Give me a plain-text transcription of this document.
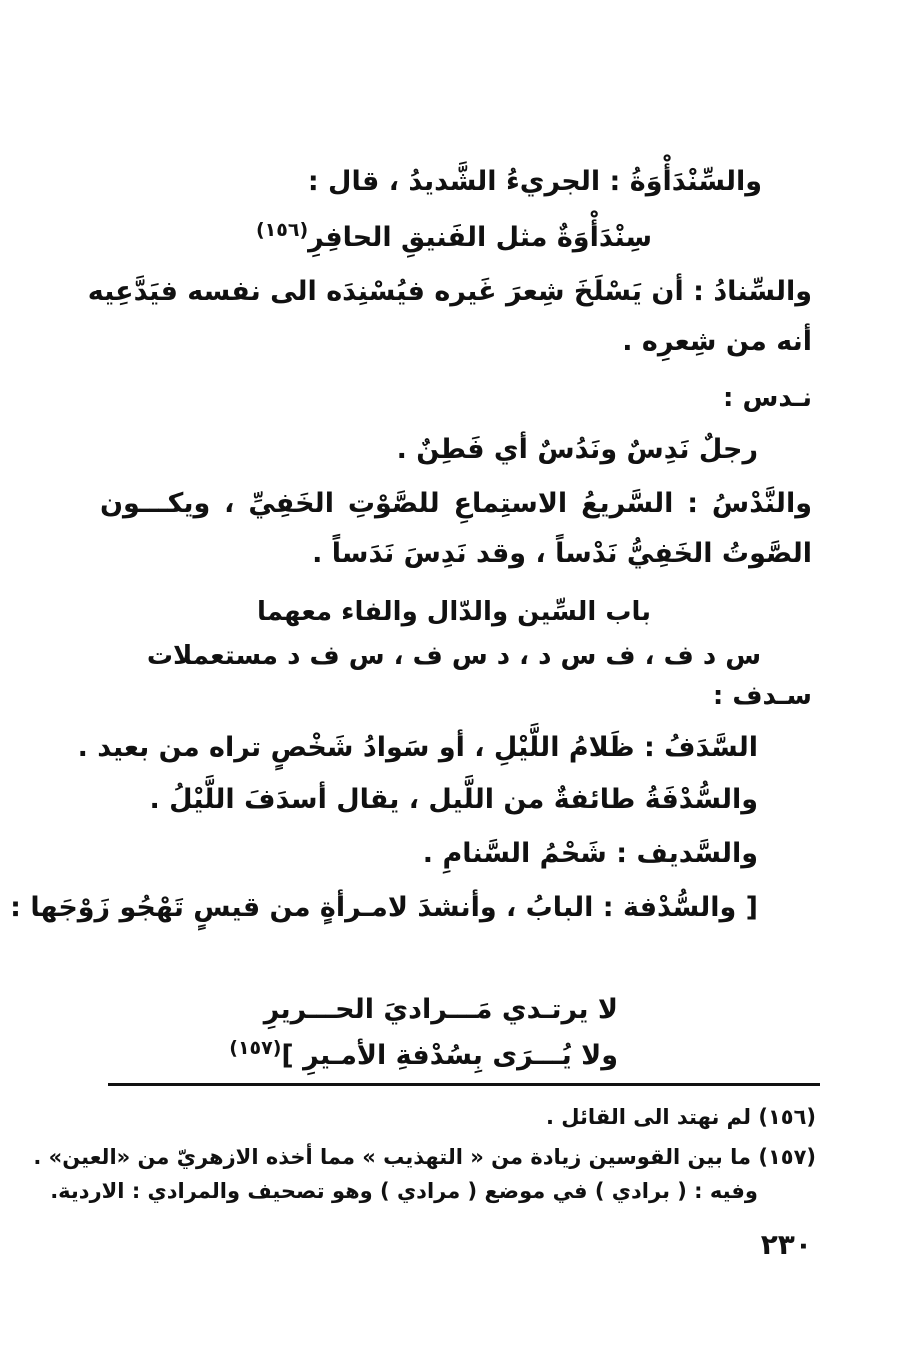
والسِّنْدَأْوَةُ : الجريءُ الشَّديدُ ، قال :
سِنْدَأْوَةٌ مثل الفَنيقِ الحافِرِ$^{(١٥٦)}$
والسِّنادُ : أن يَسْلَخَ شِعرَ غَيره فيُسْنِدَه الى نفسه فيَدَّعِيه
أنه من شِعرِه .
نـدس :
رجلٌ نَدِسٌ ونَدُسٌ أي فَطِنٌ .
والنَّدْسُ : السَّريعُ الاستِماعِ للصَّوْتِ الخَفِيِّ ، ويكـــون
الصَّوتُ الخَفِيُّ نَدْساً ، وقد نَدِسَ نَدَساً .
باب السِّين والدّال والفاء معهما
س د ف ، ف س د ، د س ف ، س ف د مستعملات
سـدف :
السَّدَفُ : ظَلامُ اللَّيْلِ ، أو سَوادُ شَخْصٍ تراه من بعيد .
والسُّدْفَةُ طائفةٌ من اللَّيل ، يقال أسدَفَ اللَّيْلُ .
والسَّديف : شَحْمُ السَّنامِ .
[ والسُّدْفة : البابُ ، وأنشدَ لامـرأةٍ من قيسٍ تَهْجُو زَوْجَها :
لا يرتـدي مَـــراديَ الحـــريرِ
ولا يُـــرَى بِسُدْفةِ الأمـيرِ ]$^{(١٥٧)}$
(١٥٦) لم نهتد الى القائل .
(١٥٧) ما بين القوسين زيادة من « التهذيب » مما أخذه الازهريّ من «العين» .
وفيه : ( برادي ) في موضع ( مرادي ) وهو تصحيف والمرادي : الاردية.
٢٣٠
